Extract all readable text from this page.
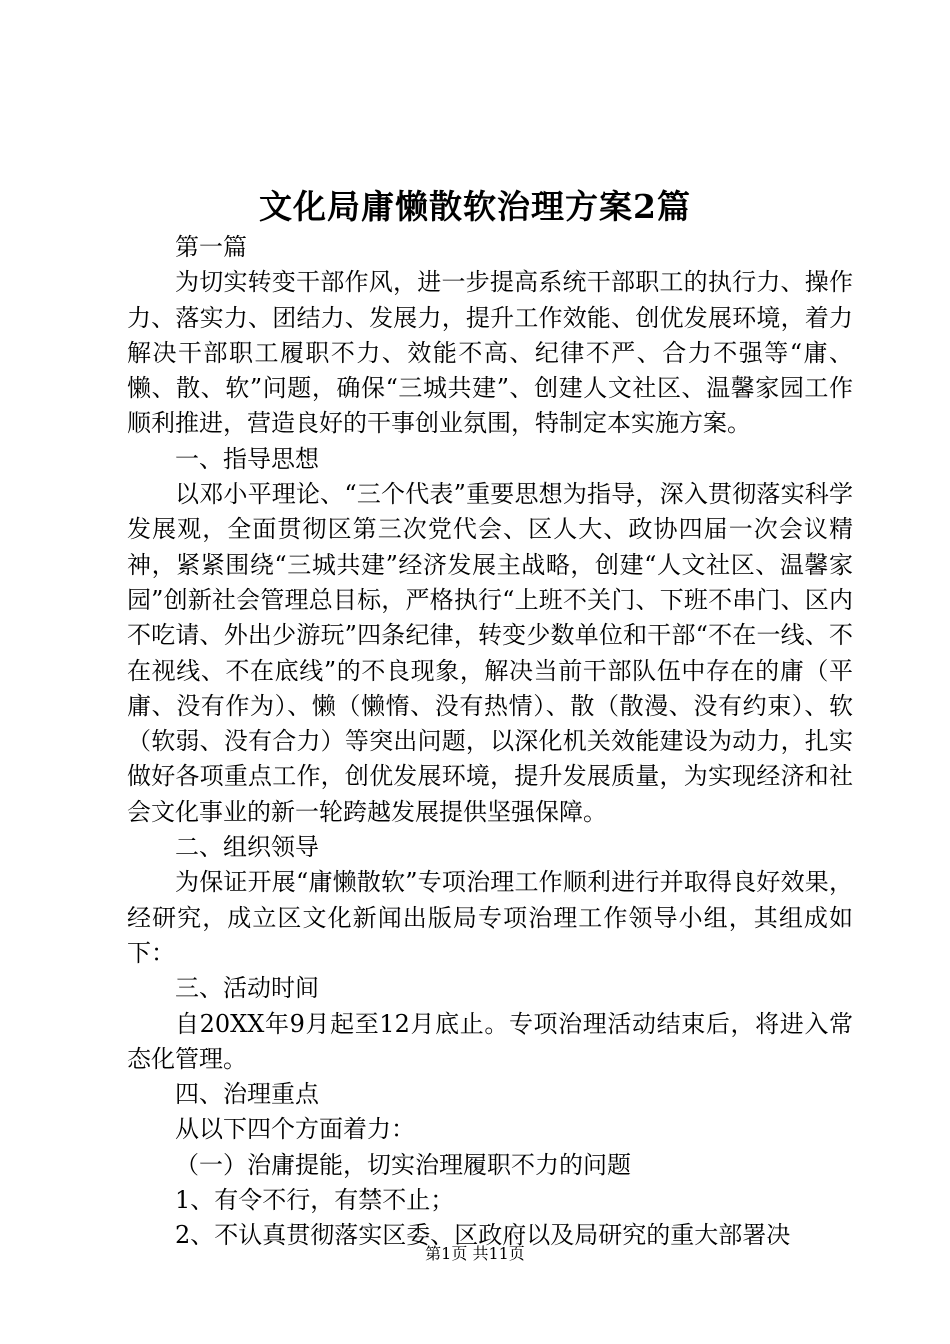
文化局庸懒散软治理方案2篇

第一篇

为切实转变干部作风，进一步提高系统干部职工的执行力、操作力、落实力、团结力、发展力，提升工作效能、创优发展环境，着力解决干部职工履职不力、效能不高、纪律不严、合力不强等“庸、懒、散、软”问题，确保“三城共建”、创建人文社区、温馨家园工作顺利推进，营造良好的干事创业氛围，特制定本实施方案。

一、指导思想

以邓小平理论、“三个代表”重要思想为指导，深入贯彻落实科学发展观，全面贯彻区第三次党代会、区人大、政协四届一次会议精神，紧紧围绕“三城共建”经济发展主战略，创建“人文社区、温馨家园”创新社会管理总目标，严格执行“上班不关门、下班不串门、区内不吃请、外出少游玩”四条纪律，转变少数单位和干部“不在一线、不在视线、不在底线”的不良现象，解决当前干部队伍中存在的庸（平庸、没有作为）、懒（懒惰、没有热情）、散（散漫、没有约束）、软（软弱、没有合力）等突出问题，以深化机关效能建设为动力，扎实做好各项重点工作，创优发展环境，提升发展质量，为实现经济和社会文化事业的新一轮跨越发展提供坚强保障。

二、组织领导

为保证开展“庸懒散软”专项治理工作顺利进行并取得良好效果，经研究，成立区文化新闻出版局专项治理工作领导小组，其组成如下：

三、活动时间

自20XX年9月起至12月底止。专项治理活动结束后，将进入常态化管理。

四、治理重点

从以下四个方面着力：

（一）治庸提能，切实治理履职不力的问题

1、有令不行，有禁不止；

2、不认真贯彻落实区委、区政府以及局研究的重大部署决

第1页 共11页
